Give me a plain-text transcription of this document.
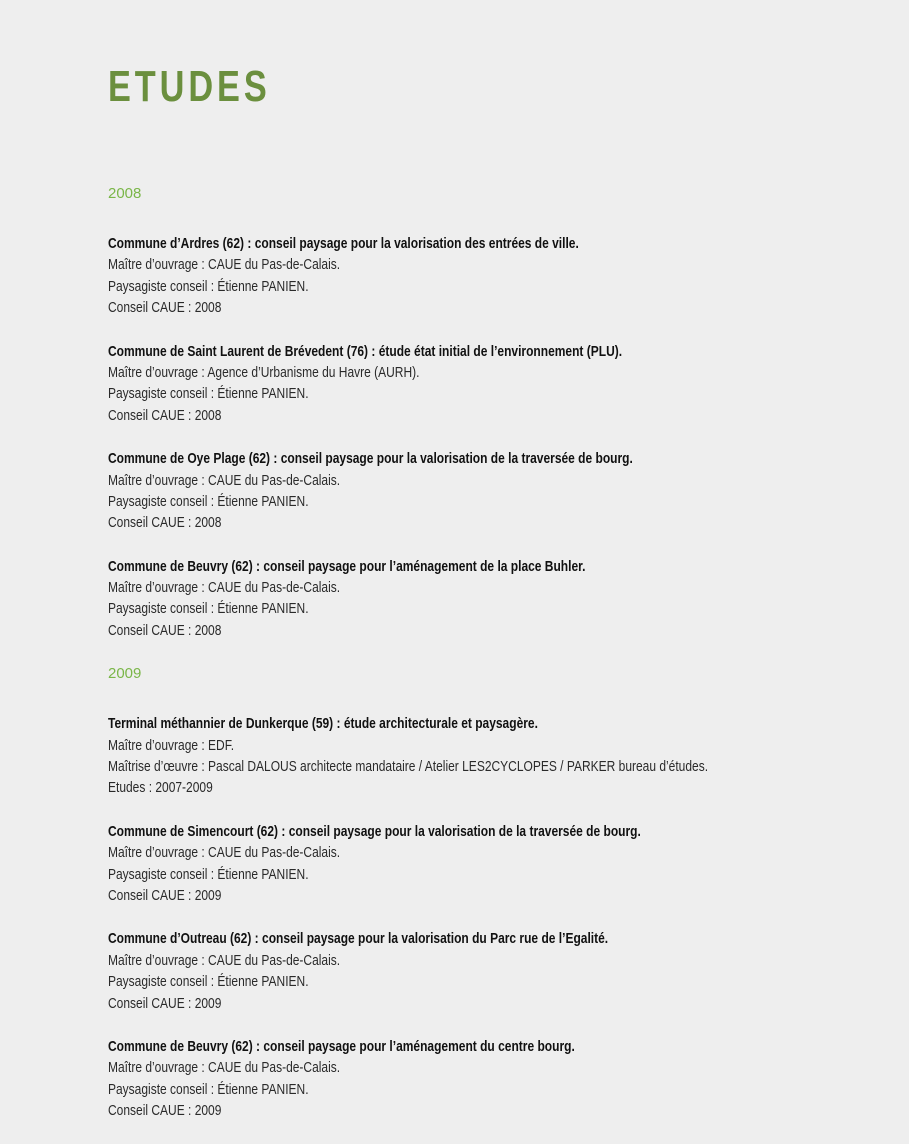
ETUDES
2008
Commune d’Ardres (62) : conseil paysage pour la valorisation des entrées de ville.
Maître d’ouvrage : CAUE du Pas-de-Calais.
Paysagiste conseil : Étienne PANIEN.
Conseil CAUE : 2008
Commune de Saint Laurent de Brévedent (76) : étude état initial de l’environnement (PLU).
Maître d’ouvrage : Agence d’Urbanisme du Havre (AURH).
Paysagiste conseil : Étienne PANIEN.
Conseil CAUE : 2008
Commune de Oye Plage (62) : conseil paysage pour la valorisation de la traversée de bourg.
Maître d’ouvrage : CAUE du Pas-de-Calais.
Paysagiste conseil : Étienne PANIEN.
Conseil CAUE : 2008
Commune de Beuvry (62) : conseil paysage pour l’aménagement de la place Buhler.
Maître d’ouvrage : CAUE du Pas-de-Calais.
Paysagiste conseil : Étienne PANIEN.
Conseil CAUE : 2008
2009
Terminal méthannier de Dunkerque (59) : étude architecturale et paysagère.
Maître d’ouvrage : EDF.
Maîtrise d’œuvre : Pascal DALOUS architecte mandataire / Atelier LES2CYCLOPES / PARKER bureau d’études.
Etudes : 2007-2009
Commune de Simencourt (62) : conseil paysage pour la valorisation de la traversée de bourg.
Maître d’ouvrage : CAUE du Pas-de-Calais.
Paysagiste conseil : Étienne PANIEN.
Conseil CAUE : 2009
Commune d’Outreau (62) : conseil paysage pour la valorisation du Parc rue de l’Egalité.
Maître d’ouvrage : CAUE du Pas-de-Calais.
Paysagiste conseil : Étienne PANIEN.
Conseil CAUE : 2009
Commune de Beuvry (62) : conseil paysage pour l’aménagement du centre bourg.
Maître d’ouvrage : CAUE du Pas-de-Calais.
Paysagiste conseil : Étienne PANIEN.
Conseil CAUE : 2009
